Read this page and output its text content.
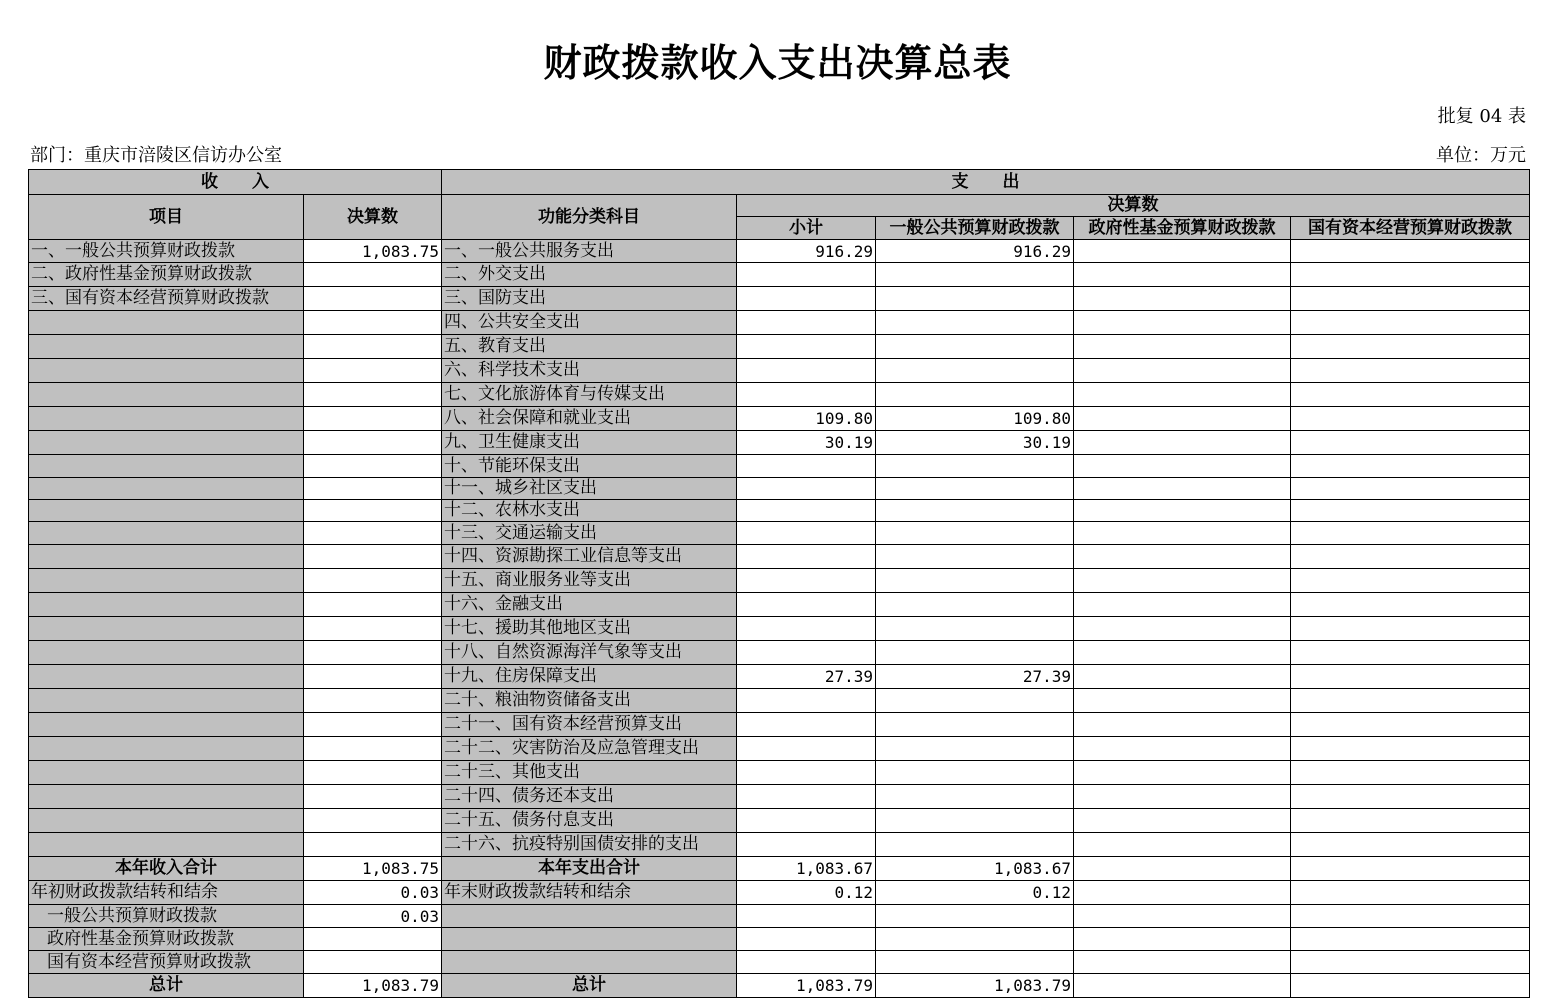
财政拨款收入支出决算总表
批复 04 表
部门：重庆市涪陵区信访办公室	单位：万元
收　　入		支　　出				
项目	决算数	功能分类科目	决算数			
			小计	一般公共预算财政拨款	政府性基金预算财政拨款	国有资本经营预算财政拨款
一、一般公共预算财政拨款	1,083.75	一、一般公共服务支出	916.29	916.29		
二、政府性基金预算财政拨款		二、外交支出				
三、国有资本经营预算财政拨款		三、国防支出				
		四、公共安全支出				
		五、教育支出				
		六、科学技术支出				
		七、文化旅游体育与传媒支出				
		八、社会保障和就业支出	109.80	109.80		
		九、卫生健康支出	30.19	30.19		
		十、节能环保支出				
		十一、城乡社区支出				
		十二、农林水支出				
		十三、交通运输支出				
		十四、资源勘探工业信息等支出				
		十五、商业服务业等支出				
		十六、金融支出				
		十七、援助其他地区支出				
		十八、自然资源海洋气象等支出				
		十九、住房保障支出	27.39	27.39		
		二十、粮油物资储备支出				
		二十一、国有资本经营预算支出				
		二十二、灾害防治及应急管理支出				
		二十三、其他支出				
		二十四、债务还本支出				
		二十五、债务付息支出				
		二十六、抗疫特别国债安排的支出				
本年收入合计	1,083.75	本年支出合计	1,083.67	1,083.67		
年初财政拨款结转和结余	0.03	年末财政拨款结转和结余	0.12	0.12		
一般公共预算财政拨款	0.03					
政府性基金预算财政拨款						
国有资本经营预算财政拨款						
总计	1,083.79	总计	1,083.79	1,083.79		
